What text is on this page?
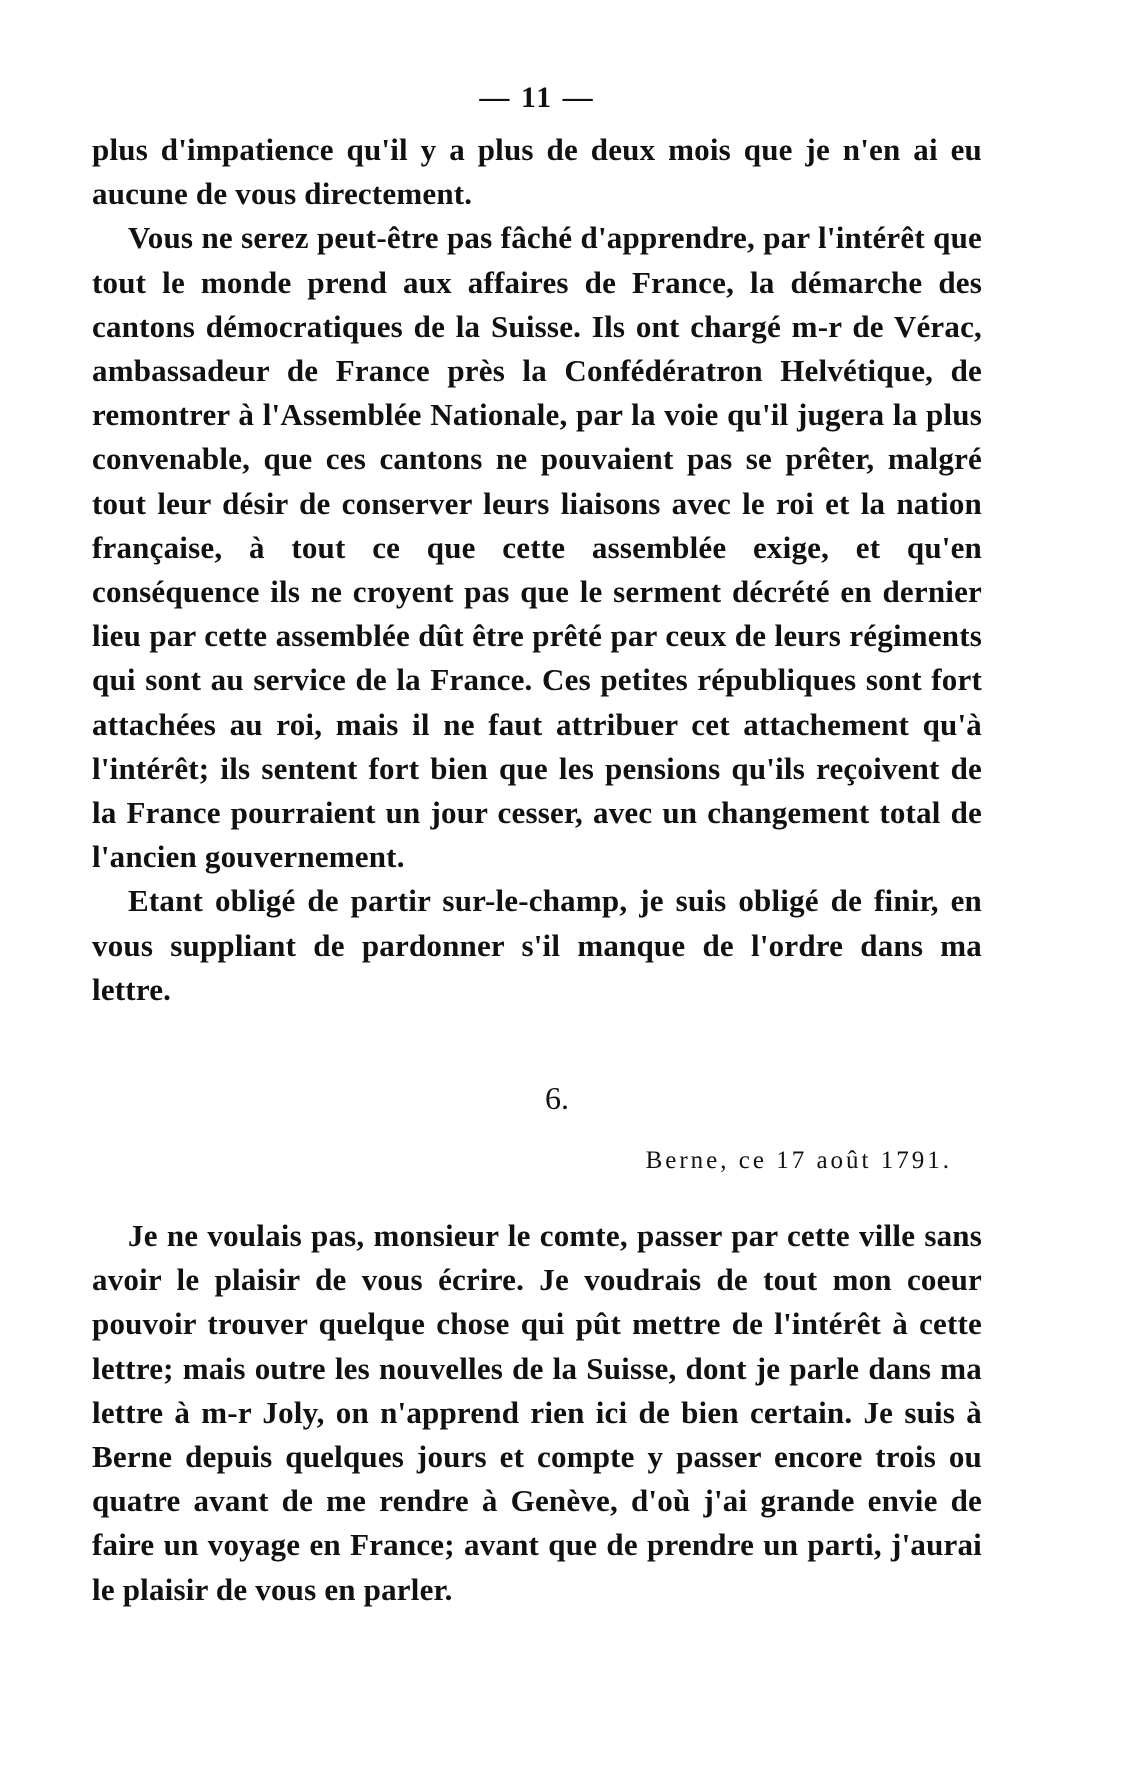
— 11 —

plus d'impatience qu'il y a plus de deux mois que je n'en ai eu aucune de vous directement.

Vous ne serez peut-être pas fâché d'apprendre, par l'intérêt que tout le monde prend aux affaires de France, la démarche des cantons démocratiques de la Suisse. Ils ont chargé m-r de Vérac, ambassadeur de France près la Confédératron Helvétique, de remontrer à l'Assemblée Nationale, par la voie qu'il jugera la plus convenable, que ces cantons ne pouvaient pas se prêter, malgré tout leur désir de conserver leurs liaisons avec le roi et la nation française, à tout ce que cette assemblée exige, et qu'en conséquence ils ne croyent pas que le serment décrété en dernier lieu par cette assemblée dût être prêté par ceux de leurs régiments qui sont au service de la France. Ces petites républiques sont fort attachées au roi, mais il ne faut attribuer cet attachement qu'à l'intérêt; ils sentent fort bien que les pensions qu'ils reçoivent de la France pourraient un jour cesser, avec un changement total de l'ancien gouvernement.

Etant obligé de partir sur-le-champ, je suis obligé de finir, en vous suppliant de pardonner s'il manque de l'ordre dans ma lettre.

6.
Berne, ce 17 août 1791.

Je ne voulais pas, monsieur le comte, passer par cette ville sans avoir le plaisir de vous écrire. Je voudrais de tout mon coeur pouvoir trouver quelque chose qui pût mettre de l'intérêt à cette lettre; mais outre les nouvelles de la Suisse, dont je parle dans ma lettre à m-r Joly, on n'apprend rien ici de bien certain. Je suis à Berne depuis quelques jours et compte y passer encore trois ou quatre avant de me rendre à Genève, d'où j'ai grande envie de faire un voyage en France; avant que de prendre un parti, j'aurai le plaisir de vous en parler.
